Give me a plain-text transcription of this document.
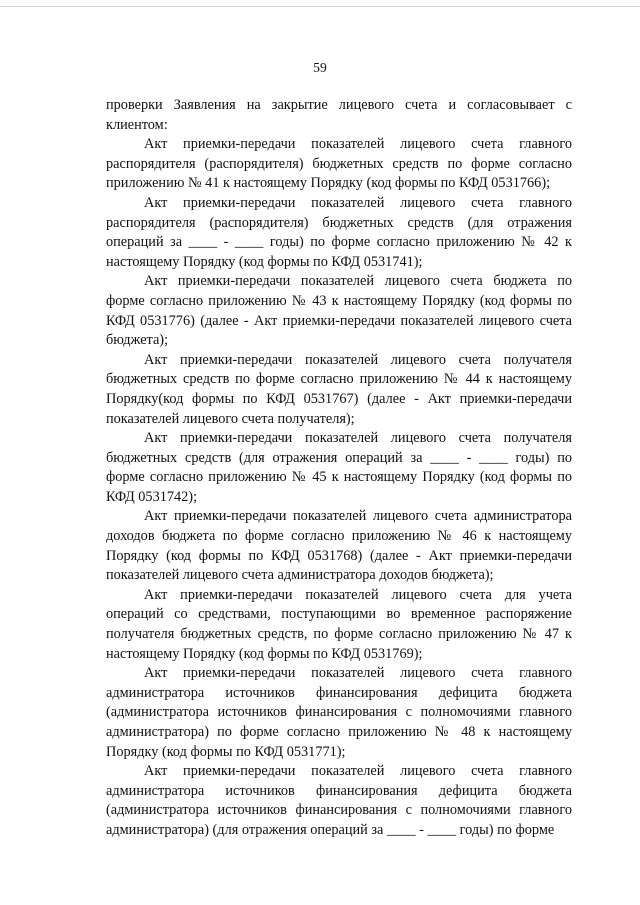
59

проверки Заявления на закрытие лицевого счета и согласовывает с клиентом:

Акт приемки-передачи показателей лицевого счета главного распорядителя (распорядителя) бюджетных средств по форме согласно приложению № 41 к настоящему Порядку (код формы по КФД 0531766);

Акт приемки-передачи показателей лицевого счета главного распорядителя (распорядителя) бюджетных средств (для отражения операций за ____ - ____ годы) по форме согласно приложению № 42 к настоящему Порядку (код формы по КФД 0531741);

Акт приемки-передачи показателей лицевого счета бюджета по форме согласно приложению № 43 к настоящему Порядку (код формы по КФД 0531776) (далее - Акт приемки-передачи показателей лицевого счета бюджета);

Акт приемки-передачи показателей лицевого счета получателя бюджетных средств по форме согласно приложению № 44 к настоящему Порядку(код формы по КФД 0531767) (далее - Акт приемки-передачи показателей лицевого счета получателя);

Акт приемки-передачи показателей лицевого счета получателя бюджетных средств (для отражения операций за ____ - ____ годы) по форме согласно приложению № 45 к настоящему Порядку (код формы по КФД 0531742);

Акт приемки-передачи показателей лицевого счета администратора доходов бюджета по форме согласно приложению № 46 к настоящему Порядку (код формы по КФД 0531768) (далее - Акт приемки-передачи показателей лицевого счета администратора доходов бюджета);

Акт приемки-передачи показателей лицевого счета для учета операций со средствами, поступающими во временное распоряжение получателя бюджетных средств, по форме согласно приложению № 47 к настоящему Порядку (код формы по КФД 0531769);

Акт приемки-передачи показателей лицевого счета главного администратора источников финансирования дефицита бюджета (администратора источников финансирования с полномочиями главного администратора) по форме согласно приложению № 48 к настоящему Порядку (код формы по КФД 0531771);

Акт приемки-передачи показателей лицевого счета главного администратора источников финансирования дефицита бюджета (администратора источников финансирования с полномочиями главного администратора) (для отражения операций за ____ - ____ годы) по форме
